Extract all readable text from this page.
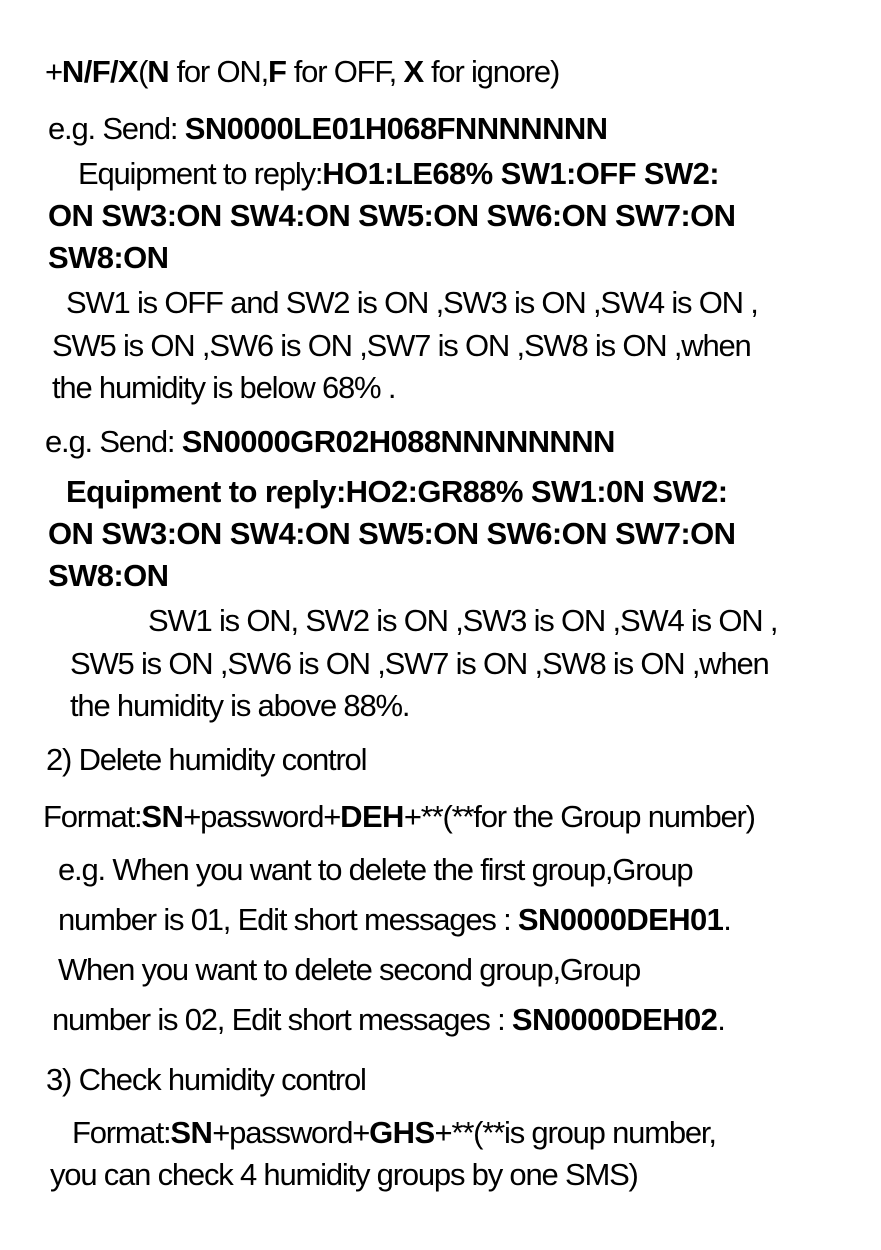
+N/F/X(N for ON,F for OFF, X for ignore)
e.g. Send: SN0000LE01H068FNNNNNNN
Equipment to reply:HO1:LE68% SW1:OFF SW2:
ON SW3:ON SW4:ON SW5:ON SW6:ON SW7:ON
SW8:ON
SW1 is OFF and SW2 is ON ,SW3 is ON ,SW4 is ON ,
SW5 is ON ,SW6 is ON ,SW7 is ON ,SW8 is ON ,when
the humidity is below 68% .
e.g. Send: SN0000GR02H088NNNNNNNN
Equipment to reply:HO2:GR88% SW1:0N SW2:
ON SW3:ON SW4:ON SW5:ON SW6:ON SW7:ON
SW8:ON
SW1 is ON, SW2 is ON ,SW3 is ON ,SW4 is ON ,
SW5 is ON ,SW6 is ON ,SW7 is ON ,SW8 is ON ,when
the humidity is above 88%.
2) Delete humidity control
Format:SN+password+DEH+**(**for the Group number)
e.g. When you want to delete the first group,Group
number is 01, Edit short messages : SN0000DEH01.
When you want to delete second group,Group
number is 02, Edit short messages : SN0000DEH02.
3) Check humidity control
Format:SN+password+GHS+**(**is group number,
you can check 4 humidity groups by one SMS)
